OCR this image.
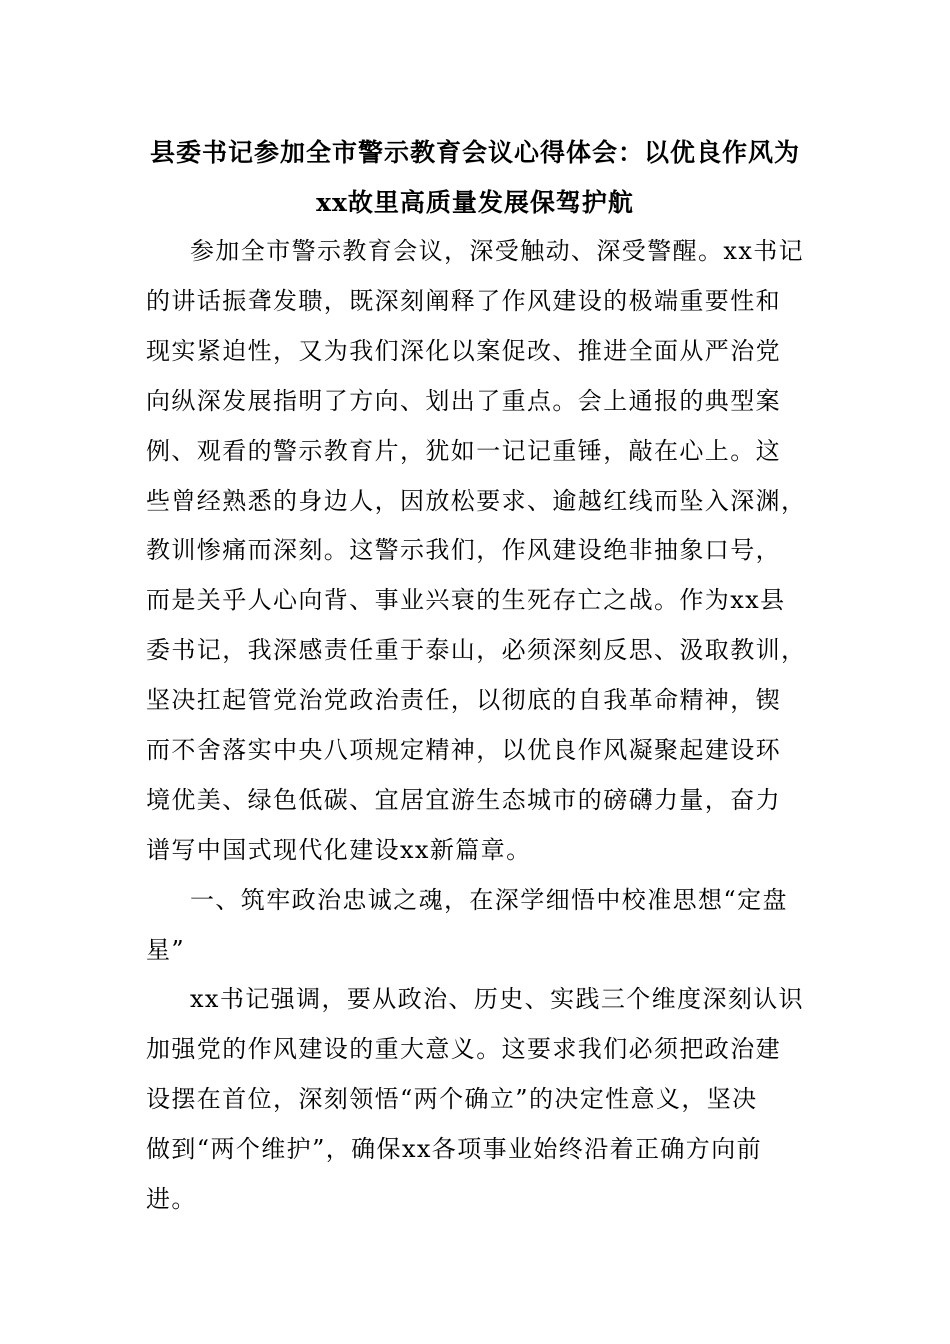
县委书记参加全市警示教育会议心得体会：以优良作风为
xx故里高质量发展保驾护航
参加全市警示教育会议，深受触动、深受警醒。xx书记
的讲话振聋发聩，既深刻阐释了作风建设的极端重要性和
现实紧迫性，又为我们深化以案促改、推进全面从严治党
向纵深发展指明了方向、划出了重点。会上通报的典型案
例、观看的警示教育片，犹如一记记重锤，敲在心上。这
些曾经熟悉的身边人，因放松要求、逾越红线而坠入深渊，
教训惨痛而深刻。这警示我们，作风建设绝非抽象口号，
而是关乎人心向背、事业兴衰的生死存亡之战。作为xx县
委书记，我深感责任重于泰山，必须深刻反思、汲取教训，
坚决扛起管党治党政治责任，以彻底的自我革命精神，锲
而不舍落实中央八项规定精神，以优良作风凝聚起建设环
境优美、绿色低碳、宜居宜游生态城市的磅礴力量，奋力
谱写中国式现代化建设xx新篇章。
一、筑牢政治忠诚之魂，在深学细悟中校准思想“定盘
星”
xx书记强调，要从政治、历史、实践三个维度深刻认识
加强党的作风建设的重大意义。这要求我们必须把政治建
设摆在首位，深刻领悟“两个确立”的决定性意义，坚决
做到“两个维护”，确保xx各项事业始终沿着正确方向前
进。
